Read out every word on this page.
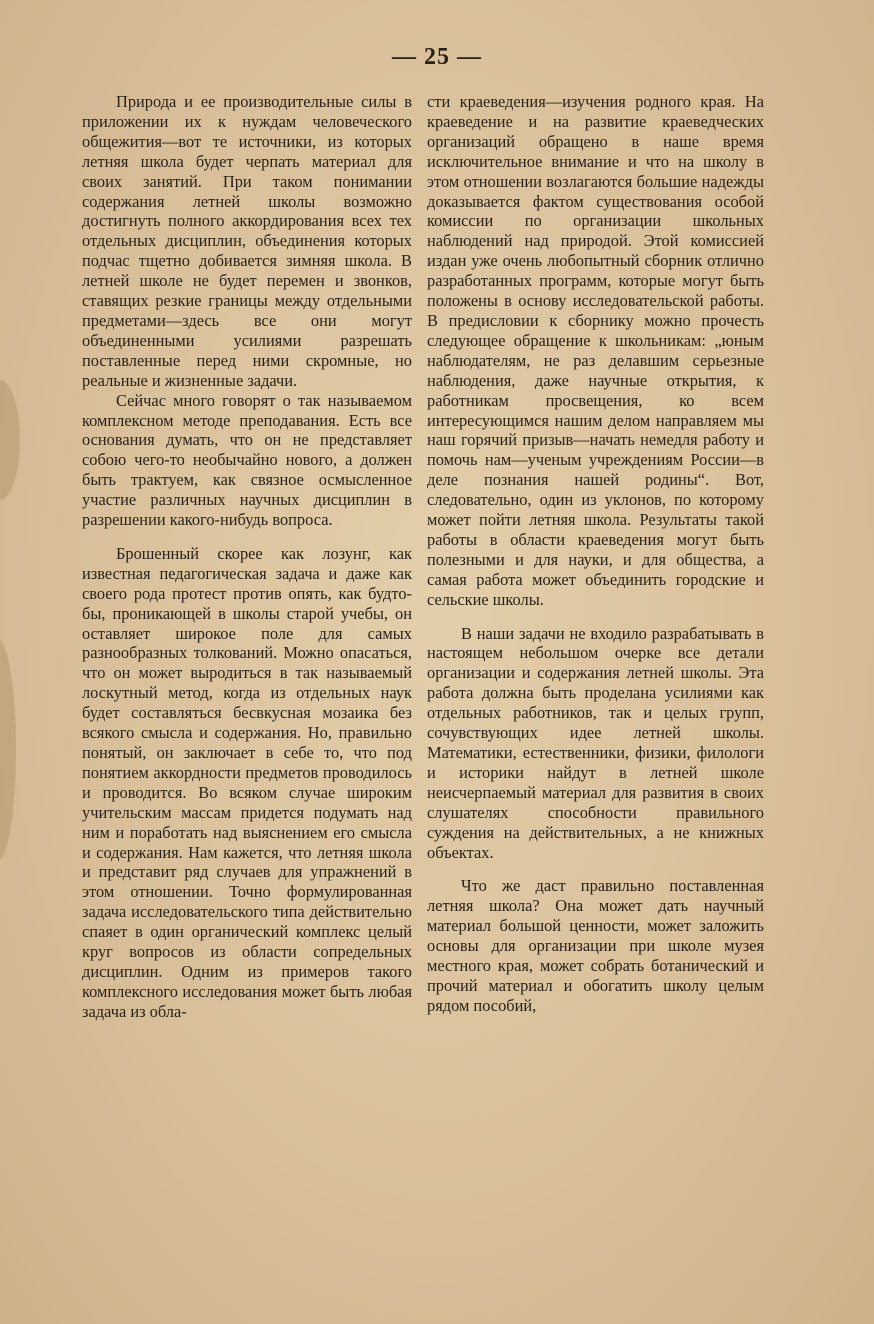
— 25 —

Природа и ее производительные силы в приложении их к нуждам человеческого общежития—вот те источники, из которых летняя школа будет черпать материал для своих занятий. При таком понимании содержания летней школы возможно достигнуть полного аккордирования всех тех отдельных дисциплин, объединения которых подчас тщетно добивается зимняя школа. В летней школе не будет перемен и звонков, ставящих резкие границы между отдельными предметами—здесь все они могут объединенными усилиями разрешать поставленные перед ними скромные, но реальные и жизненные задачи.

Сейчас много говорят о так называемом комплексном методе преподавания. Есть все основания думать, что он не представляет собою чего-то необычайно нового, а должен быть трактуем, как связное осмысленное участие различных научных дисциплин в разрешении какого-нибудь вопроса.

Брошенный скорее как лозунг, как известная педагогическая задача и даже как своего рода протест против опять, как будто-бы, проникающей в школы старой учебы, он оставляет широкое поле для самых разнообразных толкований. Можно опасаться, что он может выродиться в так называемый лоскутный метод, когда из отдельных наук будет составляться бесвкусная мозаика без всякого смысла и содержания. Но, правильно понятый, он заключает в себе то, что под понятием аккордности предметов проводилось и проводится. Во всяком случае широким учительским массам придется подумать над ним и поработать над выяснением его смысла и содержания. Нам кажется, что летняя школа и представит ряд случаев для упражнений в этом отношении. Точно формулированная задача исследовательского типа действительно спаяет в один органический комплекс целый круг вопросов из области сопредельных дисциплин. Одним из примеров такого комплексного исследования может быть любая задача из обла-

сти краеведения—изучения родного края. На краеведение и на развитие краеведческих организаций обращено в наше время исключительное внимание и что на школу в этом отношении возлагаются большие надежды доказывается фактом существования особой комиссии по организации школьных наблюдений над природой. Этой комиссией издан уже очень любопытный сборник отлично разработанных программ, которые могут быть положены в основу исследовательской работы. В предисловии к сборнику можно прочесть следующее обращение к школьникам: „юным наблюдателям, не раз делавшим серьезные наблюдения, даже научные открытия, к работникам просвещения, ко всем интересующимся нашим делом направляем мы наш горячий призыв—начать немедля работу и помочь нам—ученым учреждениям России—в деле познания нашей родины“. Вот, следовательно, один из уклонов, по которому может пойти летняя школа. Результаты такой работы в области краеведения могут быть полезными и для науки, и для общества, а самая работа может объединить городские и сельские школы.

В наши задачи не входило разрабатывать в настоящем небольшом очерке все детали организации и содержания летней школы. Эта работа должна быть проделана усилиями как отдельных работников, так и целых групп, сочувствующих идее летней школы. Математики, естественники, физики, филологи и историки найдут в летней школе неисчерпаемый материал для развития в своих слушателях способности правильного суждения на действительных, а не книжных объектах.

Что же даст правильно поставленная летняя школа? Она может дать научный материал большой ценности, может заложить основы для организации при школе музея местного края, может собрать ботанический и прочий материал и обогатить школу целым рядом пособий,
